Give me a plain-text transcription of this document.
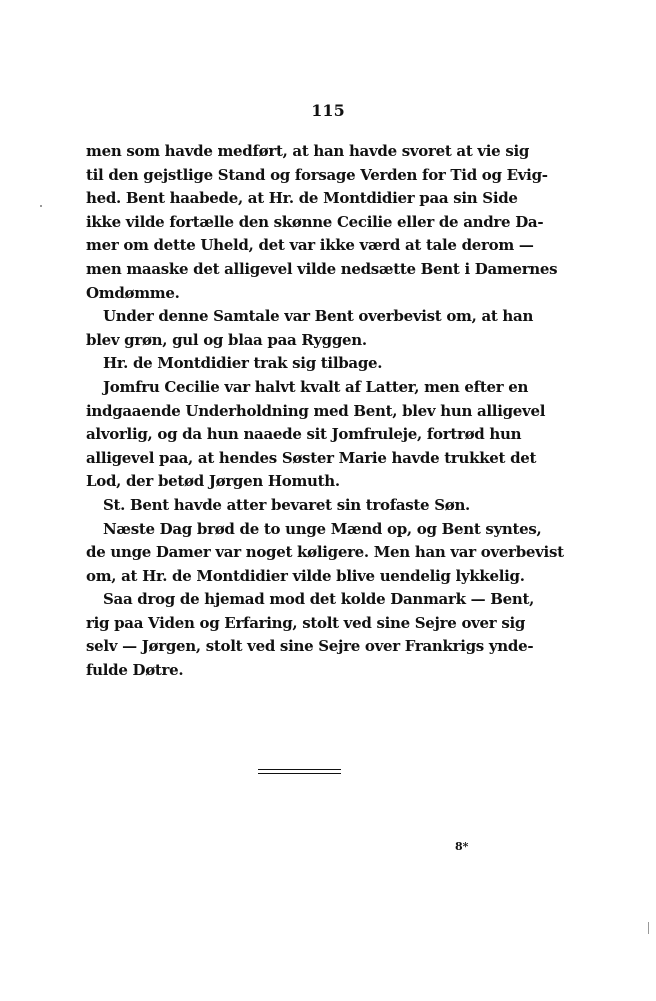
115
men som havde medført, at han havde svoret at vie sig
til den gejstlige Stand og forsage Verden for Tid og Evig-
hed. Bent haabede, at Hr. de Montdidier paa sin Side
ikke vilde fortælle den skønne Cecilie eller de andre Da-
mer om dette Uheld, det var ikke værd at tale derom —
men maaske det alligevel vilde nedsætte Bent i Damernes
Omdømme.
Under denne Samtale var Bent overbevist om, at han
blev grøn, gul og blaa paa Ryggen.
Hr. de Montdidier trak sig tilbage.
Jomfru Cecilie var halvt kvalt af Latter, men efter en
indgaaende Underholdning med Bent, blev hun alligevel
alvorlig, og da hun naaede sit Jomfruleje, fortrød hun
alligevel paa, at hendes Søster Marie havde trukket det
Lod, der betød Jørgen Homuth.
St. Bent havde atter bevaret sin trofaste Søn.
Næste Dag brød de to unge Mænd op, og Bent syntes,
de unge Damer var noget køligere. Men han var overbevist
om, at Hr. de Montdidier vilde blive uendelig lykkelig.
Saa drog de hjemad mod det kolde Danmark — Bent,
rig paa Viden og Erfaring, stolt ved sine Sejre over sig
selv — Jørgen, stolt ved sine Sejre over Frankrigs ynde-
fulde Døtre.
8*
